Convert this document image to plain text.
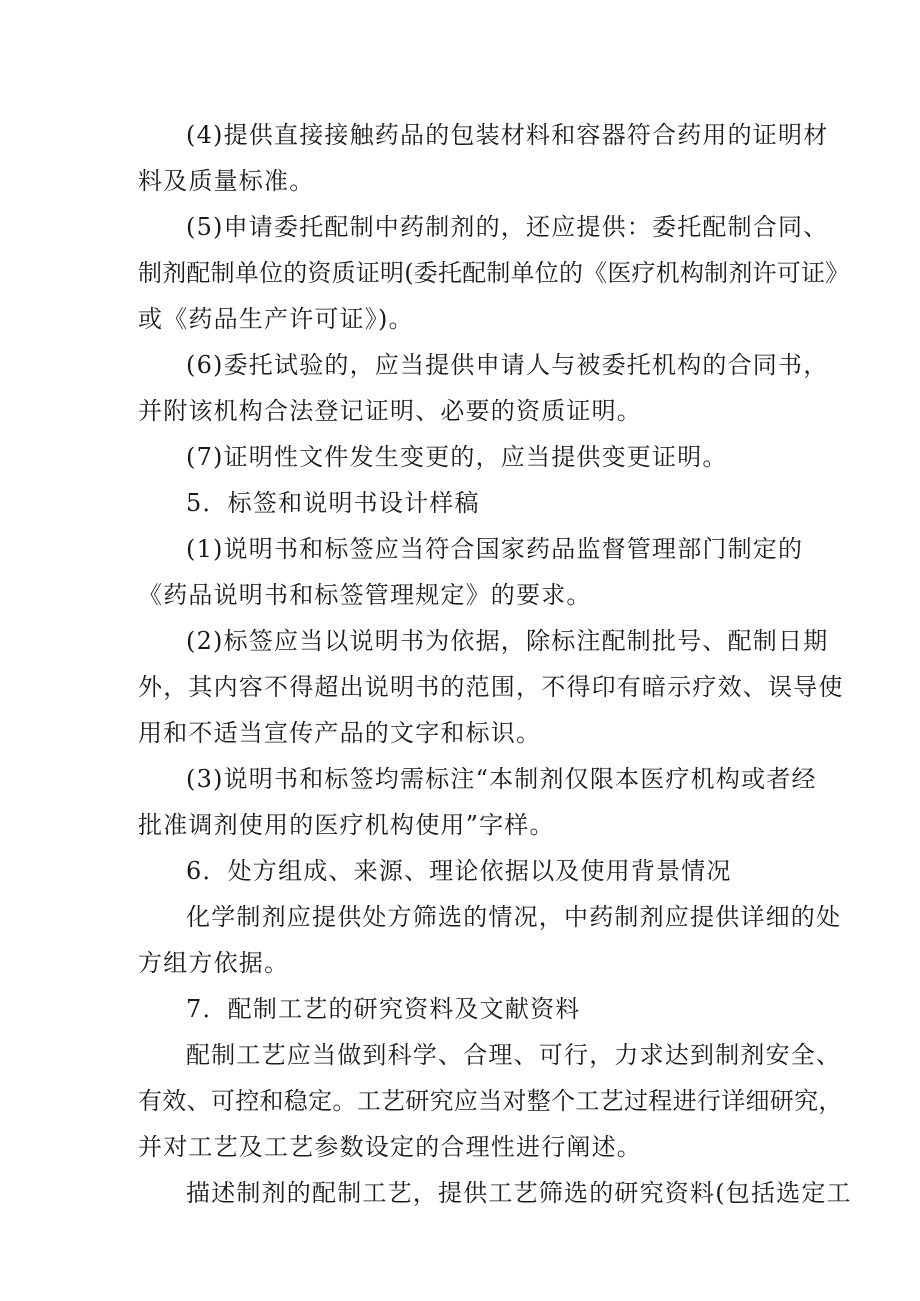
(4)提供直接接触药品的包装材料和容器符合药用的证明材
料及质量标准。
(5)申请委托配制中药制剂的，还应提供：委托配制合同、
制剂配制单位的资质证明(委托配制单位的《医疗机构制剂许可证》
或《药品生产许可证》)。
(6)委托试验的，应当提供申请人与被委托机构的合同书，
并附该机构合法登记证明、必要的资质证明。
(7)证明性文件发生变更的，应当提供变更证明。
5．标签和说明书设计样稿
(1)说明书和标签应当符合国家药品监督管理部门制定的
《药品说明书和标签管理规定》的要求。
(2)标签应当以说明书为依据，除标注配制批号、配制日期
外，其内容不得超出说明书的范围，不得印有暗示疗效、误导使
用和不适当宣传产品的文字和标识。
(3)说明书和标签均需标注“本制剂仅限本医疗机构或者经
批准调剂使用的医疗机构使用”字样。
6．处方组成、来源、理论依据以及使用背景情况
化学制剂应提供处方筛选的情况，中药制剂应提供详细的处
方组方依据。
7．配制工艺的研究资料及文献资料
配制工艺应当做到科学、合理、可行，力求达到制剂安全、
有效、可控和稳定。工艺研究应当对整个工艺过程进行详细研究，
并对工艺及工艺参数设定的合理性进行阐述。
描述制剂的配制工艺，提供工艺筛选的研究资料(包括选定工
